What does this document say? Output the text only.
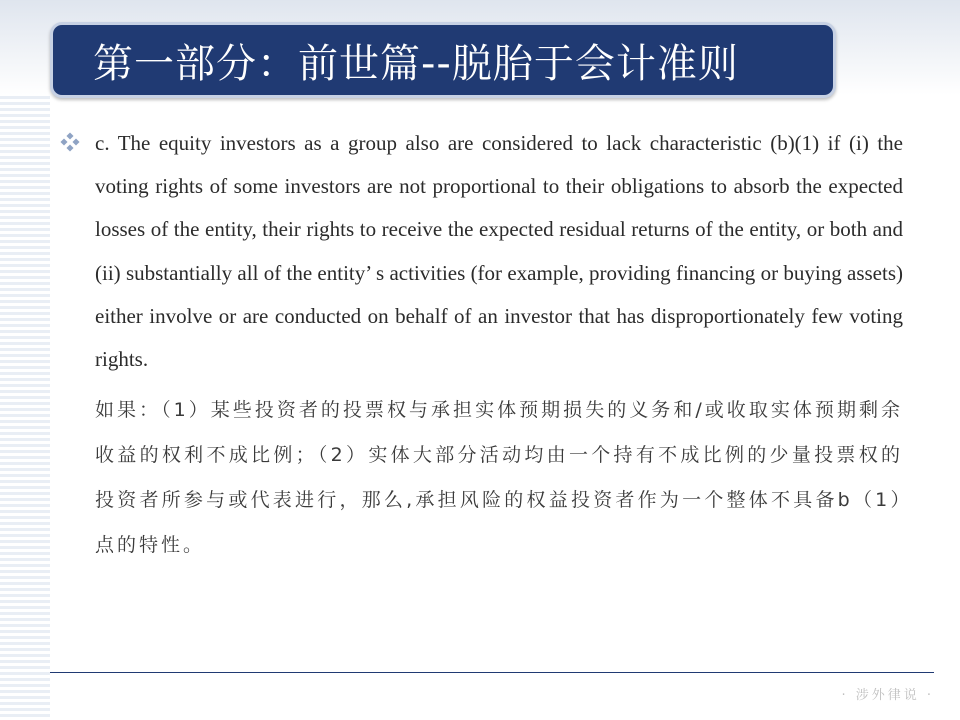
第一部分：前世篇--脱胎于会计准则

c. The equity investors as a group also are considered to lack characteristic (b)(1) if (i) the voting rights of some investors are not proportional to their obligations to absorb the expected losses of the entity, their rights to receive the expected residual returns of the entity, or both and (ii) substantially all of the entity’ s activities (for example, providing financing or buying assets) either involve or are conducted on behalf of an investor that has disproportionately few voting rights.

如果：（1）某些投资者的投票权与承担实体预期损失的义务和/或收取实体预期剩余收益的权利不成比例；（2）实体大部分活动均由一个持有不成比例的少量投票权的投资者所参与或代表进行，那么,承担风险的权益投资者作为一个整体不具备b（1）点的特性。

· 涉外律说 ·
